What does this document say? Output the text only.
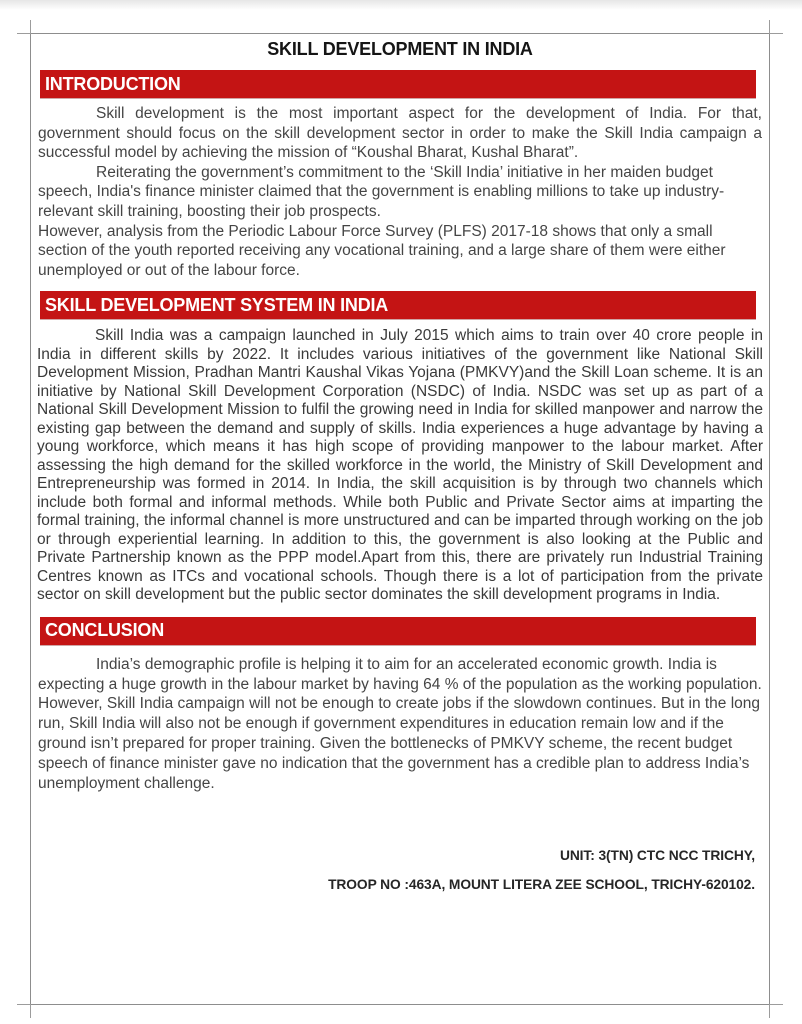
SKILL DEVELOPMENT IN INDIA
INTRODUCTION

Skill development is the most important aspect for the development of India. For that, government should focus on the skill development sector in order to make the Skill India campaign a successful model by achieving the mission of “Koushal Bharat, Kushal Bharat”.

Reiterating the government’s commitment to the ‘Skill India’ initiative in her maiden budget speech, India's finance minister claimed that the government is enabling millions to take up industry-relevant skill training, boosting their job prospects.

However, analysis from the Periodic Labour Force Survey (PLFS) 2017-18 shows that only a small section of the youth reported receiving any vocational training, and a large share of them were either unemployed or out of the labour force.

SKILL DEVELOPMENT SYSTEM IN INDIA

Skill India was a campaign launched in July 2015 which aims to train over 40 crore people in India in different skills by 2022. It includes various initiatives of the government like National Skill Development Mission, Pradhan Mantri Kaushal Vikas Yojana (PMKVY)and the Skill Loan scheme. It is an initiative by National Skill Development Corporation (NSDC) of India. NSDC was set up as part of a National Skill Development Mission to fulfil the growing need in India for skilled manpower and narrow the existing gap between the demand and supply of skills. India experiences a huge advantage by having a young workforce, which means it has high scope of providing manpower to the labour market. After assessing the high demand for the skilled workforce in the world, the Ministry of Skill Development and Entrepreneurship was formed in 2014. In India, the skill acquisition is by through two channels which include both formal and informal methods. While both Public and Private Sector aims at imparting the formal training, the informal channel is more unstructured and can be imparted through working on the job or through experiential learning. In addition to this, the government is also looking at the Public and Private Partnership known as the PPP model.Apart from this, there are privately run Industrial Training Centres known as ITCs and vocational schools. Though there is a lot of participation from the private sector on skill development but the public sector dominates the skill development programs in India.

CONCLUSION

India’s demographic profile is helping it to aim for an accelerated economic growth. India is expecting a huge growth in the labour market by having 64 % of the population as the working population. However, Skill India campaign will not be enough to create jobs if the slowdown continues. But in the long run, Skill India will also not be enough if government expenditures in education remain low and if the ground isn’t prepared for proper training. Given the bottlenecks of PMKVY scheme, the recent budget speech of finance minister gave no indication that the government has a credible plan to address India’s unemployment challenge.

UNIT: 3(TN) CTC NCC TRICHY,

TROOP NO :463A, MOUNT LITERA ZEE SCHOOL, TRICHY-620102.
